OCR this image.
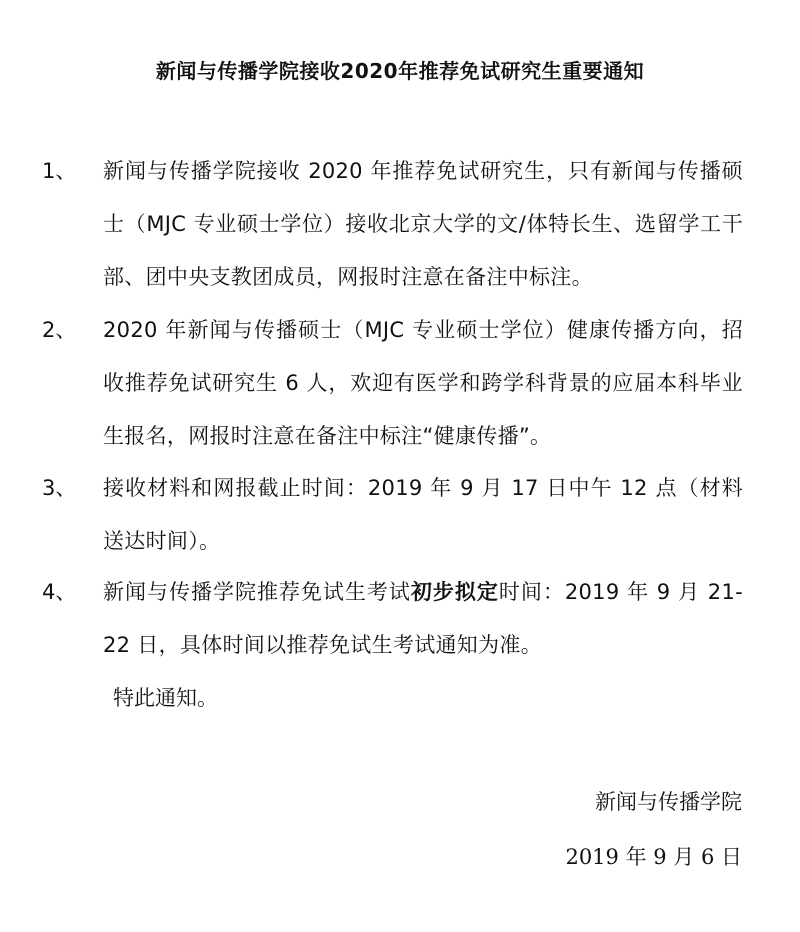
新闻与传播学院接收2020年推荐免试研究生重要通知
1、 新闻与传播学院接收 2020 年推荐免试研究生，只有新闻与传播硕士（MJC 专业硕士学位）接收北京大学的文/体特长生、选留学工干部、团中央支教团成员，网报时注意在备注中标注。
2、 2020 年新闻与传播硕士（MJC 专业硕士学位）健康传播方向，招收推荐免试研究生 6 人，欢迎有医学和跨学科背景的应届本科毕业生报名，网报时注意在备注中标注“健康传播”。
3、 接收材料和网报截止时间：2019 年 9 月 17 日中午 12 点（材料送达时间）。
4、 新闻与传播学院推荐免试生考试初步拟定时间：2019 年 9 月 21-22 日，具体时间以推荐免试生考试通知为准。
特此通知。
新闻与传播学院
2019 年 9 月 6 日
